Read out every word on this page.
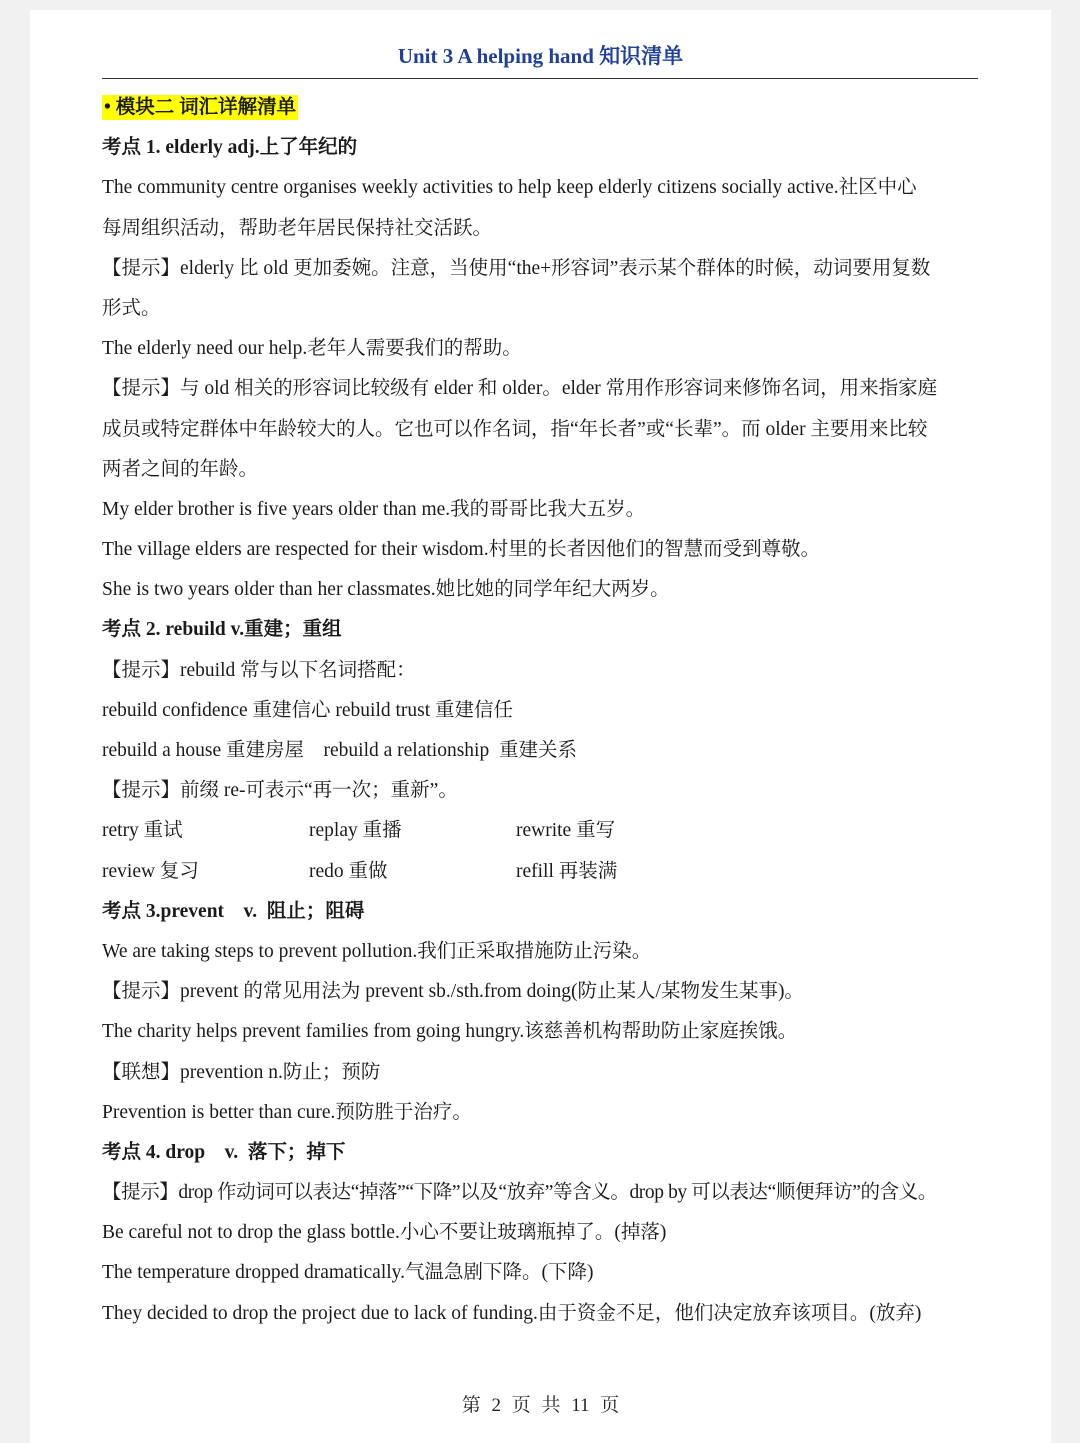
Unit 3 A helping hand 知识清单
• 模块二 词汇详解清单
考点 1. elderly adj.上了年纪的
The community centre organises weekly activities to help keep elderly citizens socially active.社区中心
每周组织活动，帮助老年居民保持社交活跃。
【提示】elderly 比 old 更加委婉。注意，当使用“the+形容词”表示某个群体的时候，动词要用复数
形式。
The elderly need our help.老年人需要我们的帮助。
【提示】与 old 相关的形容词比较级有 elder 和 older。elder 常用作形容词来修饰名词，用来指家庭
成员或特定群体中年龄较大的人。它也可以作名词，指“年长者”或“长辈”。而 older 主要用来比较
两者之间的年龄。
My elder brother is five years older than me.我的哥哥比我大五岁。
The village elders are respected for their wisdom.村里的长者因他们的智慧而受到尊敬。
She is two years older than her classmates.她比她的同学年纪大两岁。
考点 2. rebuild v.重建；重组
【提示】rebuild 常与以下名词搭配：
rebuild confidence 重建信心 rebuild trust 重建信任
rebuild a house 重建房屋    rebuild a relationship  重建关系
【提示】前缀 re-可表示“再一次；重新”。
retry 重试	replay 重播	rewrite 重写
review 复习	redo 重做	refill 再装满
考点 3.prevent    v.  阻止；阻碍
We are taking steps to prevent pollution.我们正采取措施防止污染。
【提示】prevent 的常见用法为 prevent sb./sth.from doing(防止某人/某物发生某事)。
The charity helps prevent families from going hungry.该慈善机构帮助防止家庭挨饿。
【联想】prevention n.防止；预防
Prevention is better than cure.预防胜于治疗。
考点 4. drop    v.  落下；掉下
【提示】drop 作动词可以表达“掉落”“下降”以及“放弃”等含义。drop by 可以表达“顺便拜访”的含义。
Be careful not to drop the glass bottle.小心不要让玻璃瓶掉了。(掉落)
The temperature dropped dramatically.气温急剧下降。(下降)
They decided to drop the project due to lack of funding.由于资金不足，他们决定放弃该项目。(放弃)
第 2 页 共 11 页
